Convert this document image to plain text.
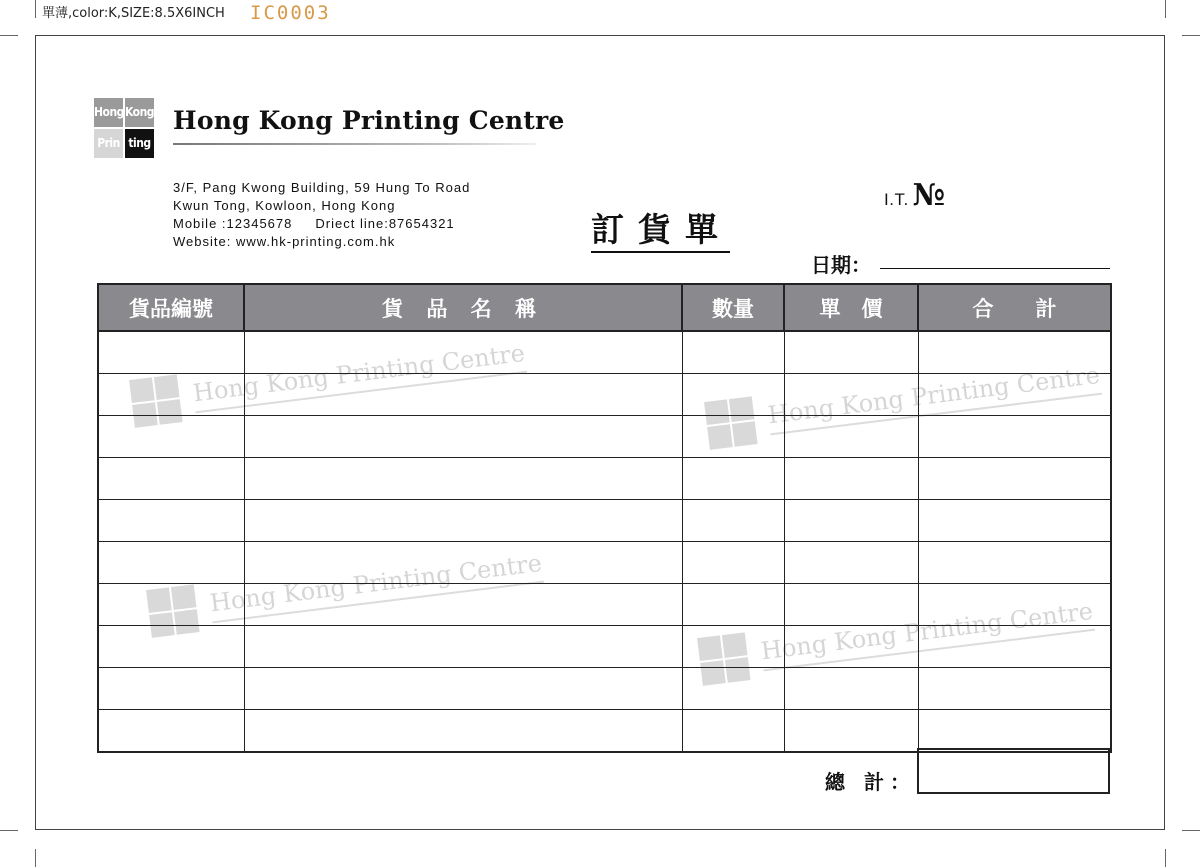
單薄,color:K,SIZE:8.5X6INCH IC0003
Hong Kong Printing Centre	Hong Kong Printing Centre
Hong Kong Printing Centre
Hong Kong Printing Centre
Hong Kong
Prin ting
Hong Kong Printing Centre
3/F, Pang Kwong Building, 59 Hung To Road
Kwun Tong, Kowloon, Hong Kong
Mobile :12345678     Driect line:87654321
Website: www.hk-printing.com.hk	訂貨單
I.T. №
日期：
貨品編號	貨 品 名 稱	數量	單　價	合　　計

總 計：
